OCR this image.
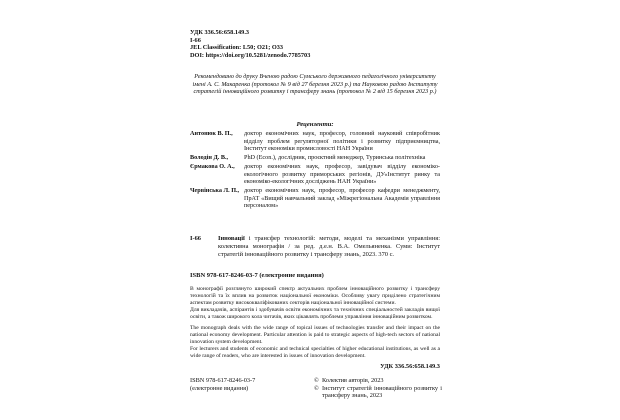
УДК 336.56:658.149.3
І-66
JEL Classification: L50; O21; O33
DOI: https://doi.org/10.5281/zenodo.7785703
Рекомендовано до друку Вченою радою Сумського державного педагогічного університету імені А. С. Макаренка (протокол № 9 від 27 березня 2023 р.) та Науковою радою Інституту стратегій інноваційного розвитку і трансферу знань (протокол № 2 від 15 березня 2023 р.)
Рецензенти:
Антонюк В. П.,	доктор економічних наук, професор, головний науковий співробітник відділу проблем регуляторної політики і розвитку підприємництва, Інститут економіки промисловості НАН України
Володін Д. В.,	PhD (Econ.), дослідник, проєктний менеджер, Туринська політехніка
Єрмакова О. А.,	доктор економічних наук, професор, завідувач відділу економіко-екологічного розвитку приморських регіонів, ДУ«Інститут ринку та економіко-екологічних досліджень НАН України»
Червінська Л. П., доктор економічних наук, професор, професор кафедри менеджменту, ПрАТ «Вищий навчальний заклад «Міжрегіональна Академія управління персоналом»
І-66	Інновації і трансфер технологій: методи, моделі та механізми управління: колективна монографія / за ред. д.е.н. В.А. Омельяненка. Суми: Інститут стратегій інноваційного розвитку і трансферу знань, 2023. 370 с.
ISBN 978-617-8246-03-7 (електронне видання)

В монографії розглянуто широкий спектр актуальних проблем інноваційного розвитку і трансферу технологій та їх вплив на розвиток національної економіки. Особливу увагу приділено стратегічним аспектам розвитку висококваліфікованих секторів національної інноваційної системи.

Для викладачів, аспірантів і здобувачів освіти економічних та технічних спеціальностей закладів вищої освіти, а також широкого кола читачів, яких цікавлять проблеми управління інноваційним розвитком.

The monograph deals with the wide range of topical issues of technologies transfer and their impact on the national economy development. Particular attention is paid to strategic aspects of high-tech sectors of national innovation system development.

For lecturers and students of economic and technical specialties of higher educational institutions, as well as a wide range of readers, who are interested in issues of innovation development.

УДК 336.56:658.149.3
ISBN 978-617-8246-03-7
(електронне видання)
© Колектив авторів, 2023
© Інститут стратегій інноваційного розвитку і трансферу знань, 2023
